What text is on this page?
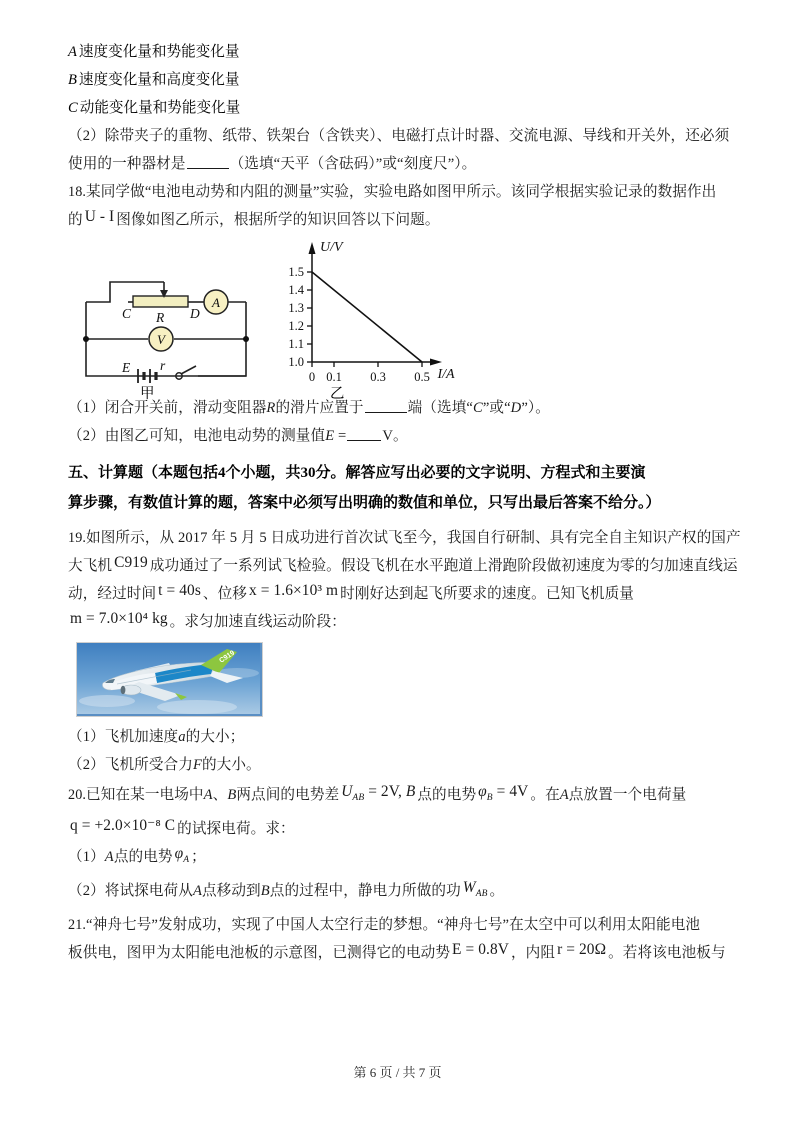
A 速度变化量和势能变化量
B 速度变化量和高度变化量
C 动能变化量和势能变化量
（2）除带夹子的重物、纸带、铁架台（含铁夹）、电磁打点计时器、交流电源、导线和开关外，还必须
使用的一种器材是	（选填“天平（含砝码）”或“刻度尺”）。
18.某同学做“电池电动势和内阻的测量”实验，实验电路如图甲所示。该同学根据实验记录的数据作出
的 U - I 图像如图乙所示，根据所学的知识回答以下问题。
A
V
C R D
E r
甲
1.0
1.1
1.2
1.3
1.4
1.5
0 0.1 0.3 0.5
U/V
I/A
乙
（1）闭合开关前，滑动变阻器R的滑片应置于	端（选填“C”或“D”）。
（2）由图乙可知，电池电动势的测量值E = V。
五、计算题（本题包括4个小题，共30分。解答应写出必要的文字说明、方程式和主要演
算步骤，有数值计算的题，答案中必须写出明确的数值和单位，只写出最后答案不给分。）
19.如图所示，从 2017 年 5 月 5 日成功进行首次试飞至今，我国自行研制、具有完全自主知识产权的国产
大飞机 C919 成功通过了一系列试飞检验。假设飞机在水平跑道上滑跑阶段做初速度为零的匀加速直线运
动，经过时间 t = 40s 、位移 x = 1.6×10³ m 时刚好达到起飞所要求的速度。已知飞机质量
m = 7.0×10⁴ kg 。求匀加速直线运动阶段：
C919
（1）飞机加速度a的大小；
（2）飞机所受合力F的大小。
20.已知在某一电场中A、B两点间的电势差 $U_{AB} = 2V$, B 点的电势 $\varphi_B = 4V$ 。在A点放置一个电荷量
q = +2.0×10⁻⁸ C 的试探电荷。求：
（1）A点的电势 $\varphi_A$ ；
（2）将试探电荷从A点移动到B点的过程中，静电力所做的功 $W_{AB}$ 。
21.“神舟七号”发射成功，实现了中国人太空行走的梦想。“神舟七号”在太空中可以利用太阳能电池
板供电，图甲为太阳能电池板的示意图，已测得它的电动势 E = 0.8V ，内阻 r = 20Ω 。若将该电池板与
第 6 页 / 共 7 页
